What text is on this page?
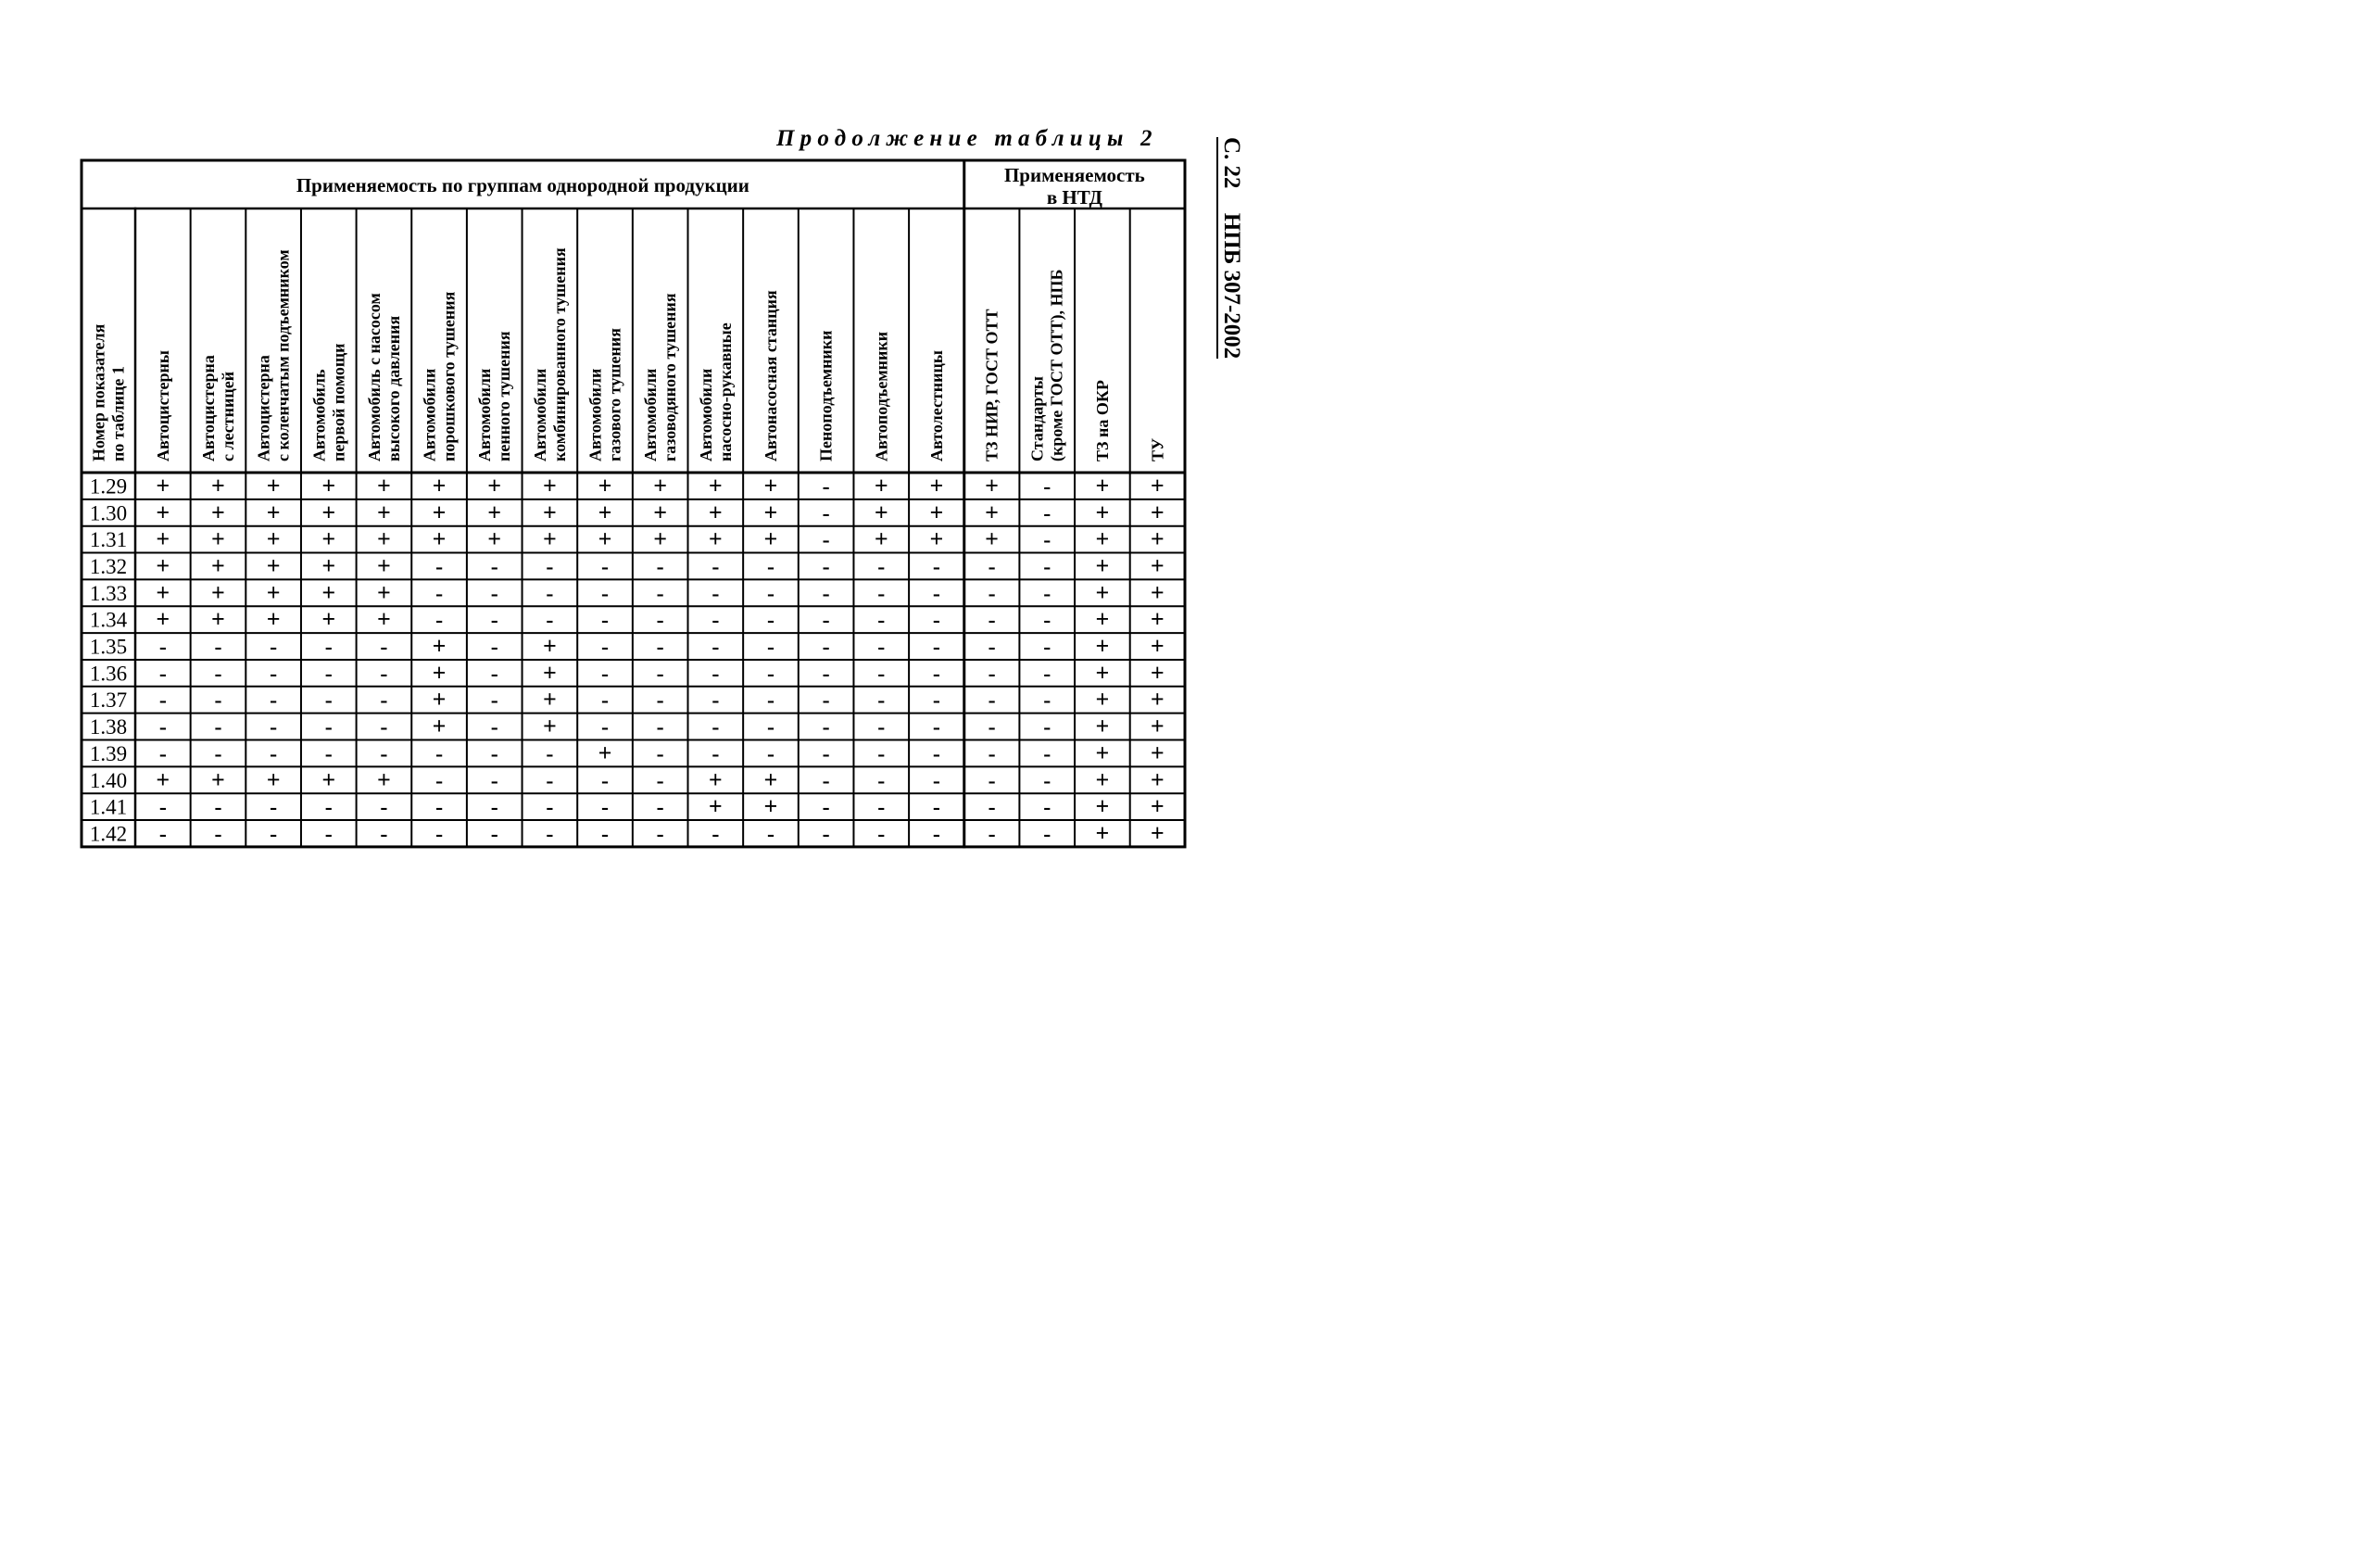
Продолжение таблицы 2	С. 22 НПБ 307-2002
Применяемость по группам однородной продукции	Применяемость в НТД
Номер показателяпо таблице 1 Автоцистерны Автоцистернас лестницей Автоцистернас коленчатым подъемником Автомобильпервой помощи Автомобиль с насосомвысокого давления Автомобилипорошкового тушения Автомобилипенного тушения Автомобиликомбинированного тушения Автомобилигазового тушения Автомобилигазоводяного тушения Автомобилинасосно-рукавные Автонасосная станция Пеноподъемники Автоподъемники Автолестницы ТЗ НИР, ГОСТ ОТТ Стандарты(кроме ГОСТ ОТТ), НПБ ТЗ на ОКР ТУ
1.29 + + + + + + + + + + + + - + + + - + +
1.30 + + + + + + + + + + + + - + + + - + +
1.31 + + + + + + + + + + + + - + + + - + +
1.32 + + + + + - - - - - - - - - - - - + +
1.33 + + + + + - - - - - - - - - - - - + +
1.34 + + + + + - - - - - - - - - - - - + +
1.35 - - - - - + - + - - - - - - - - - + +
1.36 - - - - - + - + - - - - - - - - - + +
1.37 - - - - - + - + - - - - - - - - - + +
1.38 - - - - - + - + - - - - - - - - - + +
1.39 - - - - - - - - + - - - - - - - - + +
1.40 + + + + + - - - - - + + - - - - - + +
1.41 - - - - - - - - - - + + - - - - - + +
1.42 - - - - - - - - - - - - - - - - - + +
